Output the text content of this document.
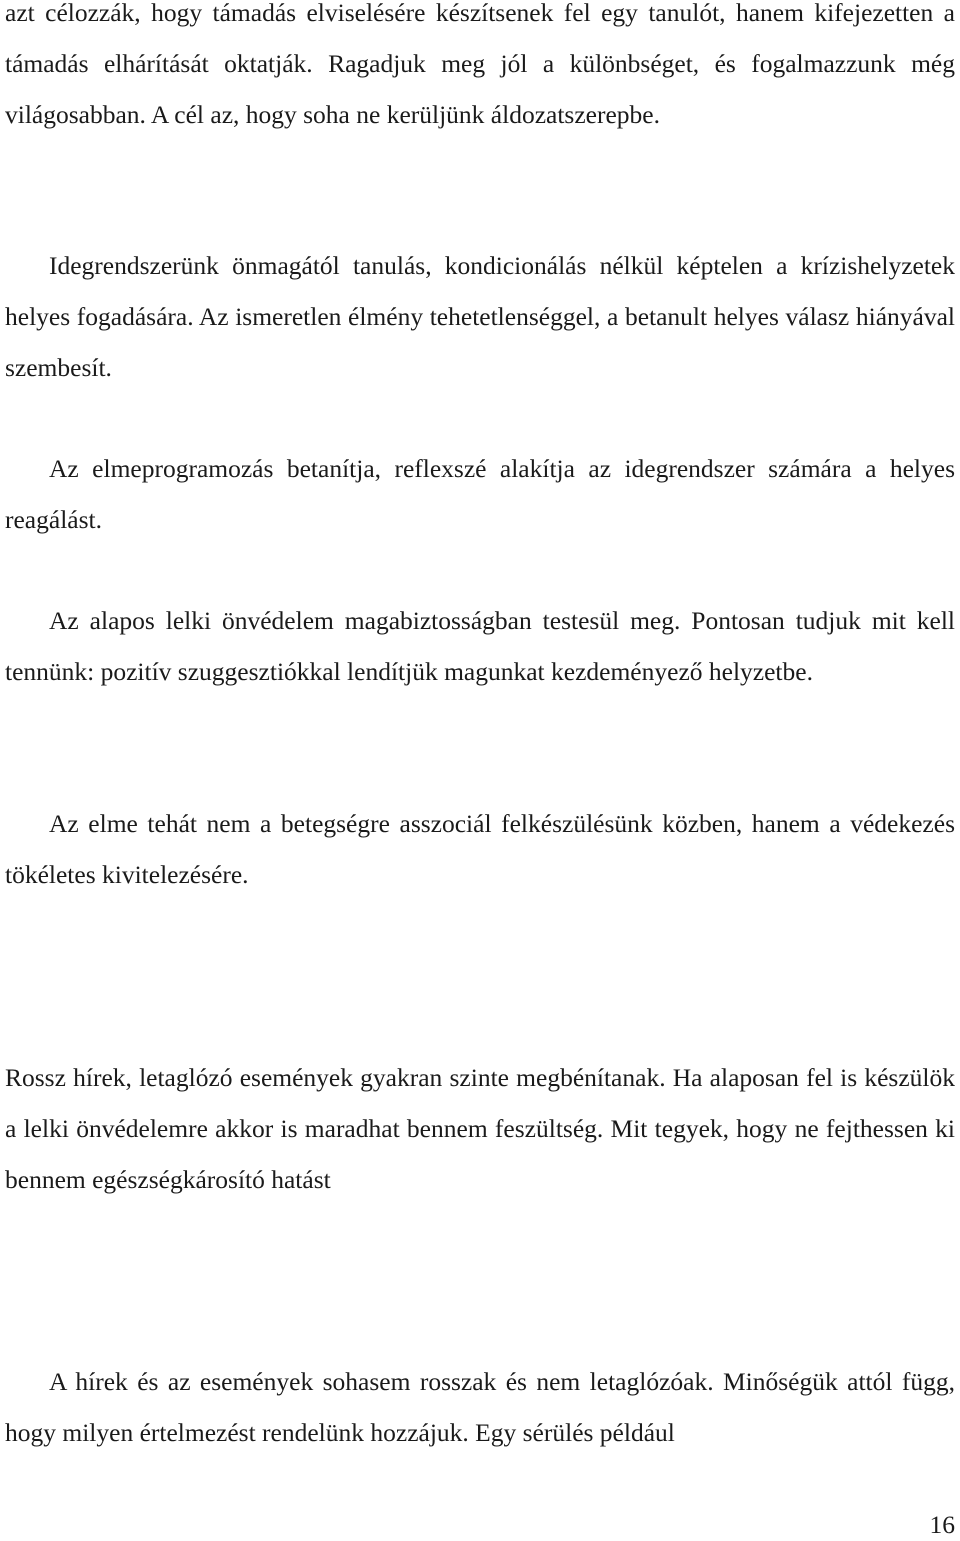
azt célozzák, hogy támadás elviselésére készítsenek fel egy tanulót, hanem kifejezetten a támadás elhárítását oktatják. Ragadjuk meg jól a különbséget, és fogalmazzunk még világosabban. A cél az, hogy soha ne kerüljünk áldozatszerepbe.

Idegrendszerünk önmagától tanulás, kondicionálás nélkül képtelen a krízishelyzetek helyes fogadására. Az ismeretlen élmény tehetetlenséggel, a betanult helyes válasz hiányával szembesít.

Az elmeprogramozás betanítja, reflexszé alakítja az idegrendszer számára a helyes reagálást.

Az alapos lelki önvédelem magabiztosságban testesül meg. Pontosan tudjuk mit kell tennünk: pozitív szuggesztiókkal lendítjük magunkat kezdeményező helyzetbe.

Az elme tehát nem a betegségre asszociál felkészülésünk közben, hanem a védekezés tökéletes kivitelezésére.

Rossz hírek, letaglózó események gyakran szinte megbénítanak. Ha alaposan fel is készülök a lelki önvédelemre akkor is maradhat bennem feszültség. Mit tegyek, hogy ne fejthessen ki bennem egészségkárosító hatást

A hírek és az események sohasem rosszak és nem letaglózóak. Minőségük attól függ, hogy milyen értelmezést rendelünk hozzájuk. Egy sérülés például

16
